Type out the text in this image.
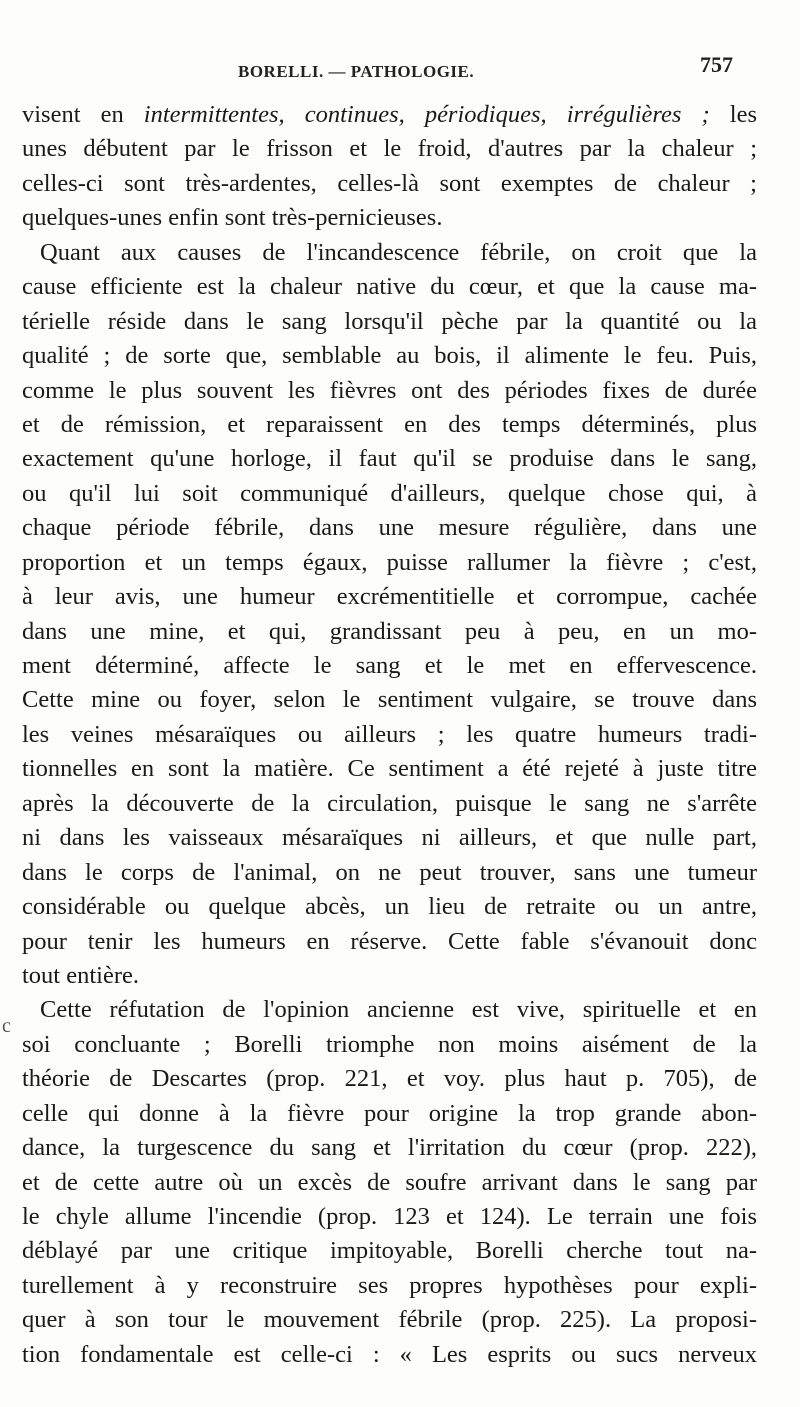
BORELLI. — PATHOLOGIE.	757
c
visent en intermittentes, continues, périodiques, irrégulières ; les
unes débutent par le frisson et le froid, d'autres par la chaleur ;
celles-ci sont très-ardentes, celles-là sont exemptes de chaleur ;
quelques-unes enfin sont très-pernicieuses.
Quant aux causes de l'incandescence fébrile, on croit que la
cause efficiente est la chaleur native du cœur, et que la cause ma-
térielle réside dans le sang lorsqu'il pèche par la quantité ou la
qualité ; de sorte que, semblable au bois, il alimente le feu. Puis,
comme le plus souvent les fièvres ont des périodes fixes de durée
et de rémission, et reparaissent en des temps déterminés, plus
exactement qu'une horloge, il faut qu'il se produise dans le sang,
ou qu'il lui soit communiqué d'ailleurs, quelque chose qui, à
chaque période fébrile, dans une mesure régulière, dans une
proportion et un temps égaux, puisse rallumer la fièvre ; c'est,
à leur avis, une humeur excrémentitielle et corrompue, cachée
dans une mine, et qui, grandissant peu à peu, en un mo-
ment déterminé, affecte le sang et le met en effervescence.
Cette mine ou foyer, selon le sentiment vulgaire, se trouve dans
les veines mésaraïques ou ailleurs ; les quatre humeurs tradi-
tionnelles en sont la matière. Ce sentiment a été rejeté à juste titre
après la découverte de la circulation, puisque le sang ne s'arrête
ni dans les vaisseaux mésaraïques ni ailleurs, et que nulle part,
dans le corps de l'animal, on ne peut trouver, sans une tumeur
considérable ou quelque abcès, un lieu de retraite ou un antre,
pour tenir les humeurs en réserve. Cette fable s'évanouit donc
tout entière.
Cette réfutation de l'opinion ancienne est vive, spirituelle et en
soi concluante ; Borelli triomphe non moins aisément de la
théorie de Descartes (prop. 221, et voy. plus haut p. 705), de
celle qui donne à la fièvre pour origine la trop grande abon-
dance, la turgescence du sang et l'irritation du cœur (prop. 222),
et de cette autre où un excès de soufre arrivant dans le sang par
le chyle allume l'incendie (prop. 123 et 124). Le terrain une fois
déblayé par une critique impitoyable, Borelli cherche tout na-
turellement à y reconstruire ses propres hypothèses pour expli-
quer à son tour le mouvement fébrile (prop. 225). La proposi-
tion fondamentale est celle-ci : « Les esprits ou sucs nerveux
